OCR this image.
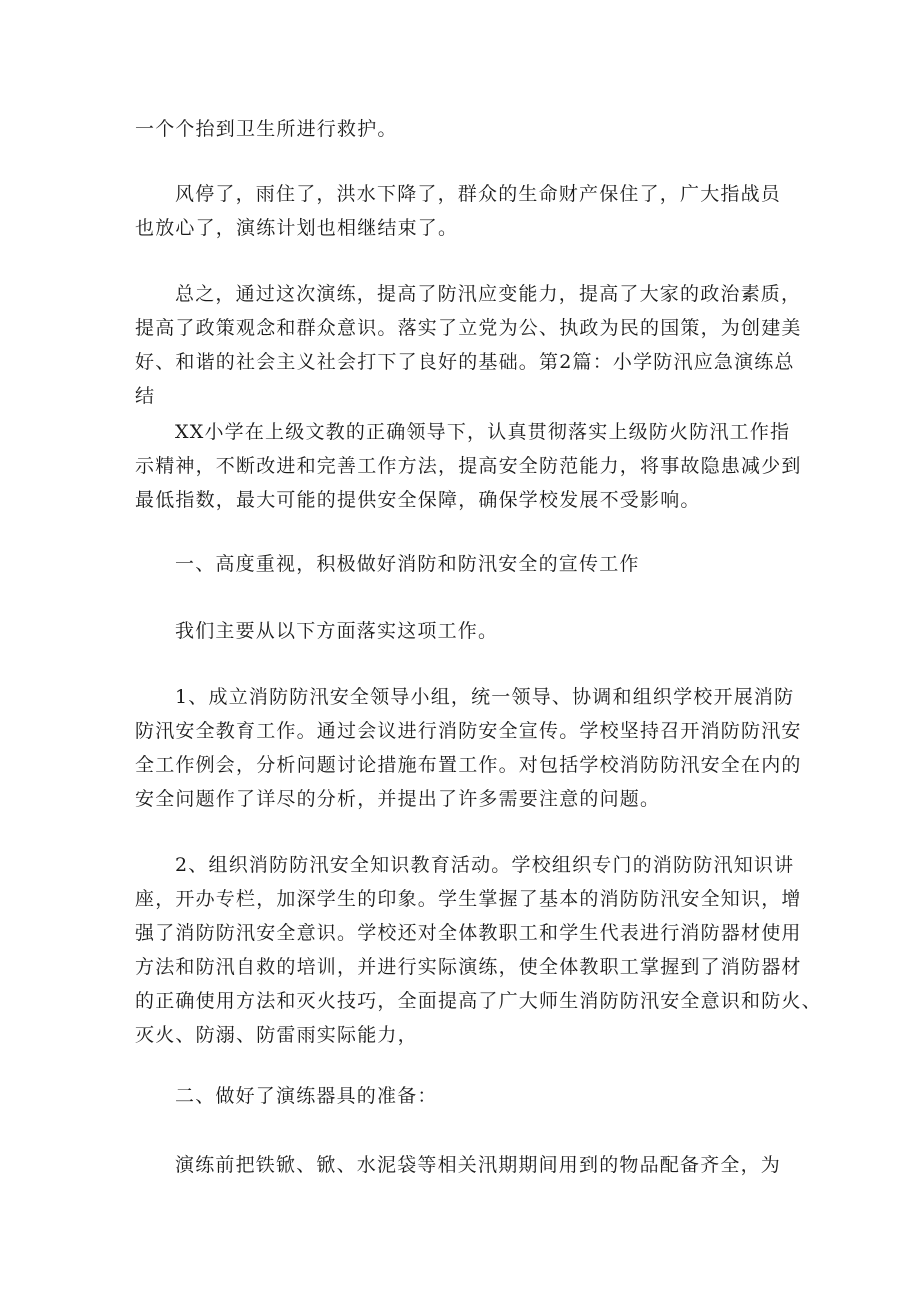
一个个抬到卫生所进行救护。

风停了，雨住了，洪水下降了，群众的生命财产保住了，广大指战员
也放心了，演练计划也相继结束了。

总之，通过这次演练，提高了防汛应变能力，提高了大家的政治素质，
提高了政策观念和群众意识。落实了立党为公、执政为民的国策，为创建美
好、和谐的社会主义社会打下了良好的基础。第2篇：小学防汛应急演练总
结

XX小学在上级文教的正确领导下，认真贯彻落实上级防火防汛工作指
示精神，不断改进和完善工作方法，提高安全防范能力，将事故隐患减少到
最低指数，最大可能的提供安全保障，确保学校发展不受影响。

一、高度重视，积极做好消防和防汛安全的宣传工作

我们主要从以下方面落实这项工作。

1、成立消防防汛安全领导小组，统一领导、协调和组织学校开展消防
防汛安全教育工作。通过会议进行消防安全宣传。学校坚持召开消防防汛安
全工作例会，分析问题讨论措施布置工作。对包括学校消防防汛安全在内的
安全问题作了详尽的分析，并提出了许多需要注意的问题。

2、组织消防防汛安全知识教育活动。学校组织专门的消防防汛知识讲
座，开办专栏，加深学生的印象。学生掌握了基本的消防防汛安全知识，增
强了消防防汛安全意识。学校还对全体教职工和学生代表进行消防器材使用
方法和防汛自救的培训，并进行实际演练，使全体教职工掌握到了消防器材
的正确使用方法和灭火技巧，全面提高了广大师生消防防汛安全意识和防火、
灭火、防溺、防雷雨实际能力，

二、做好了演练器具的准备：

演练前把铁锨、锨、水泥袋等相关汛期期间用到的物品配备齐全，为
